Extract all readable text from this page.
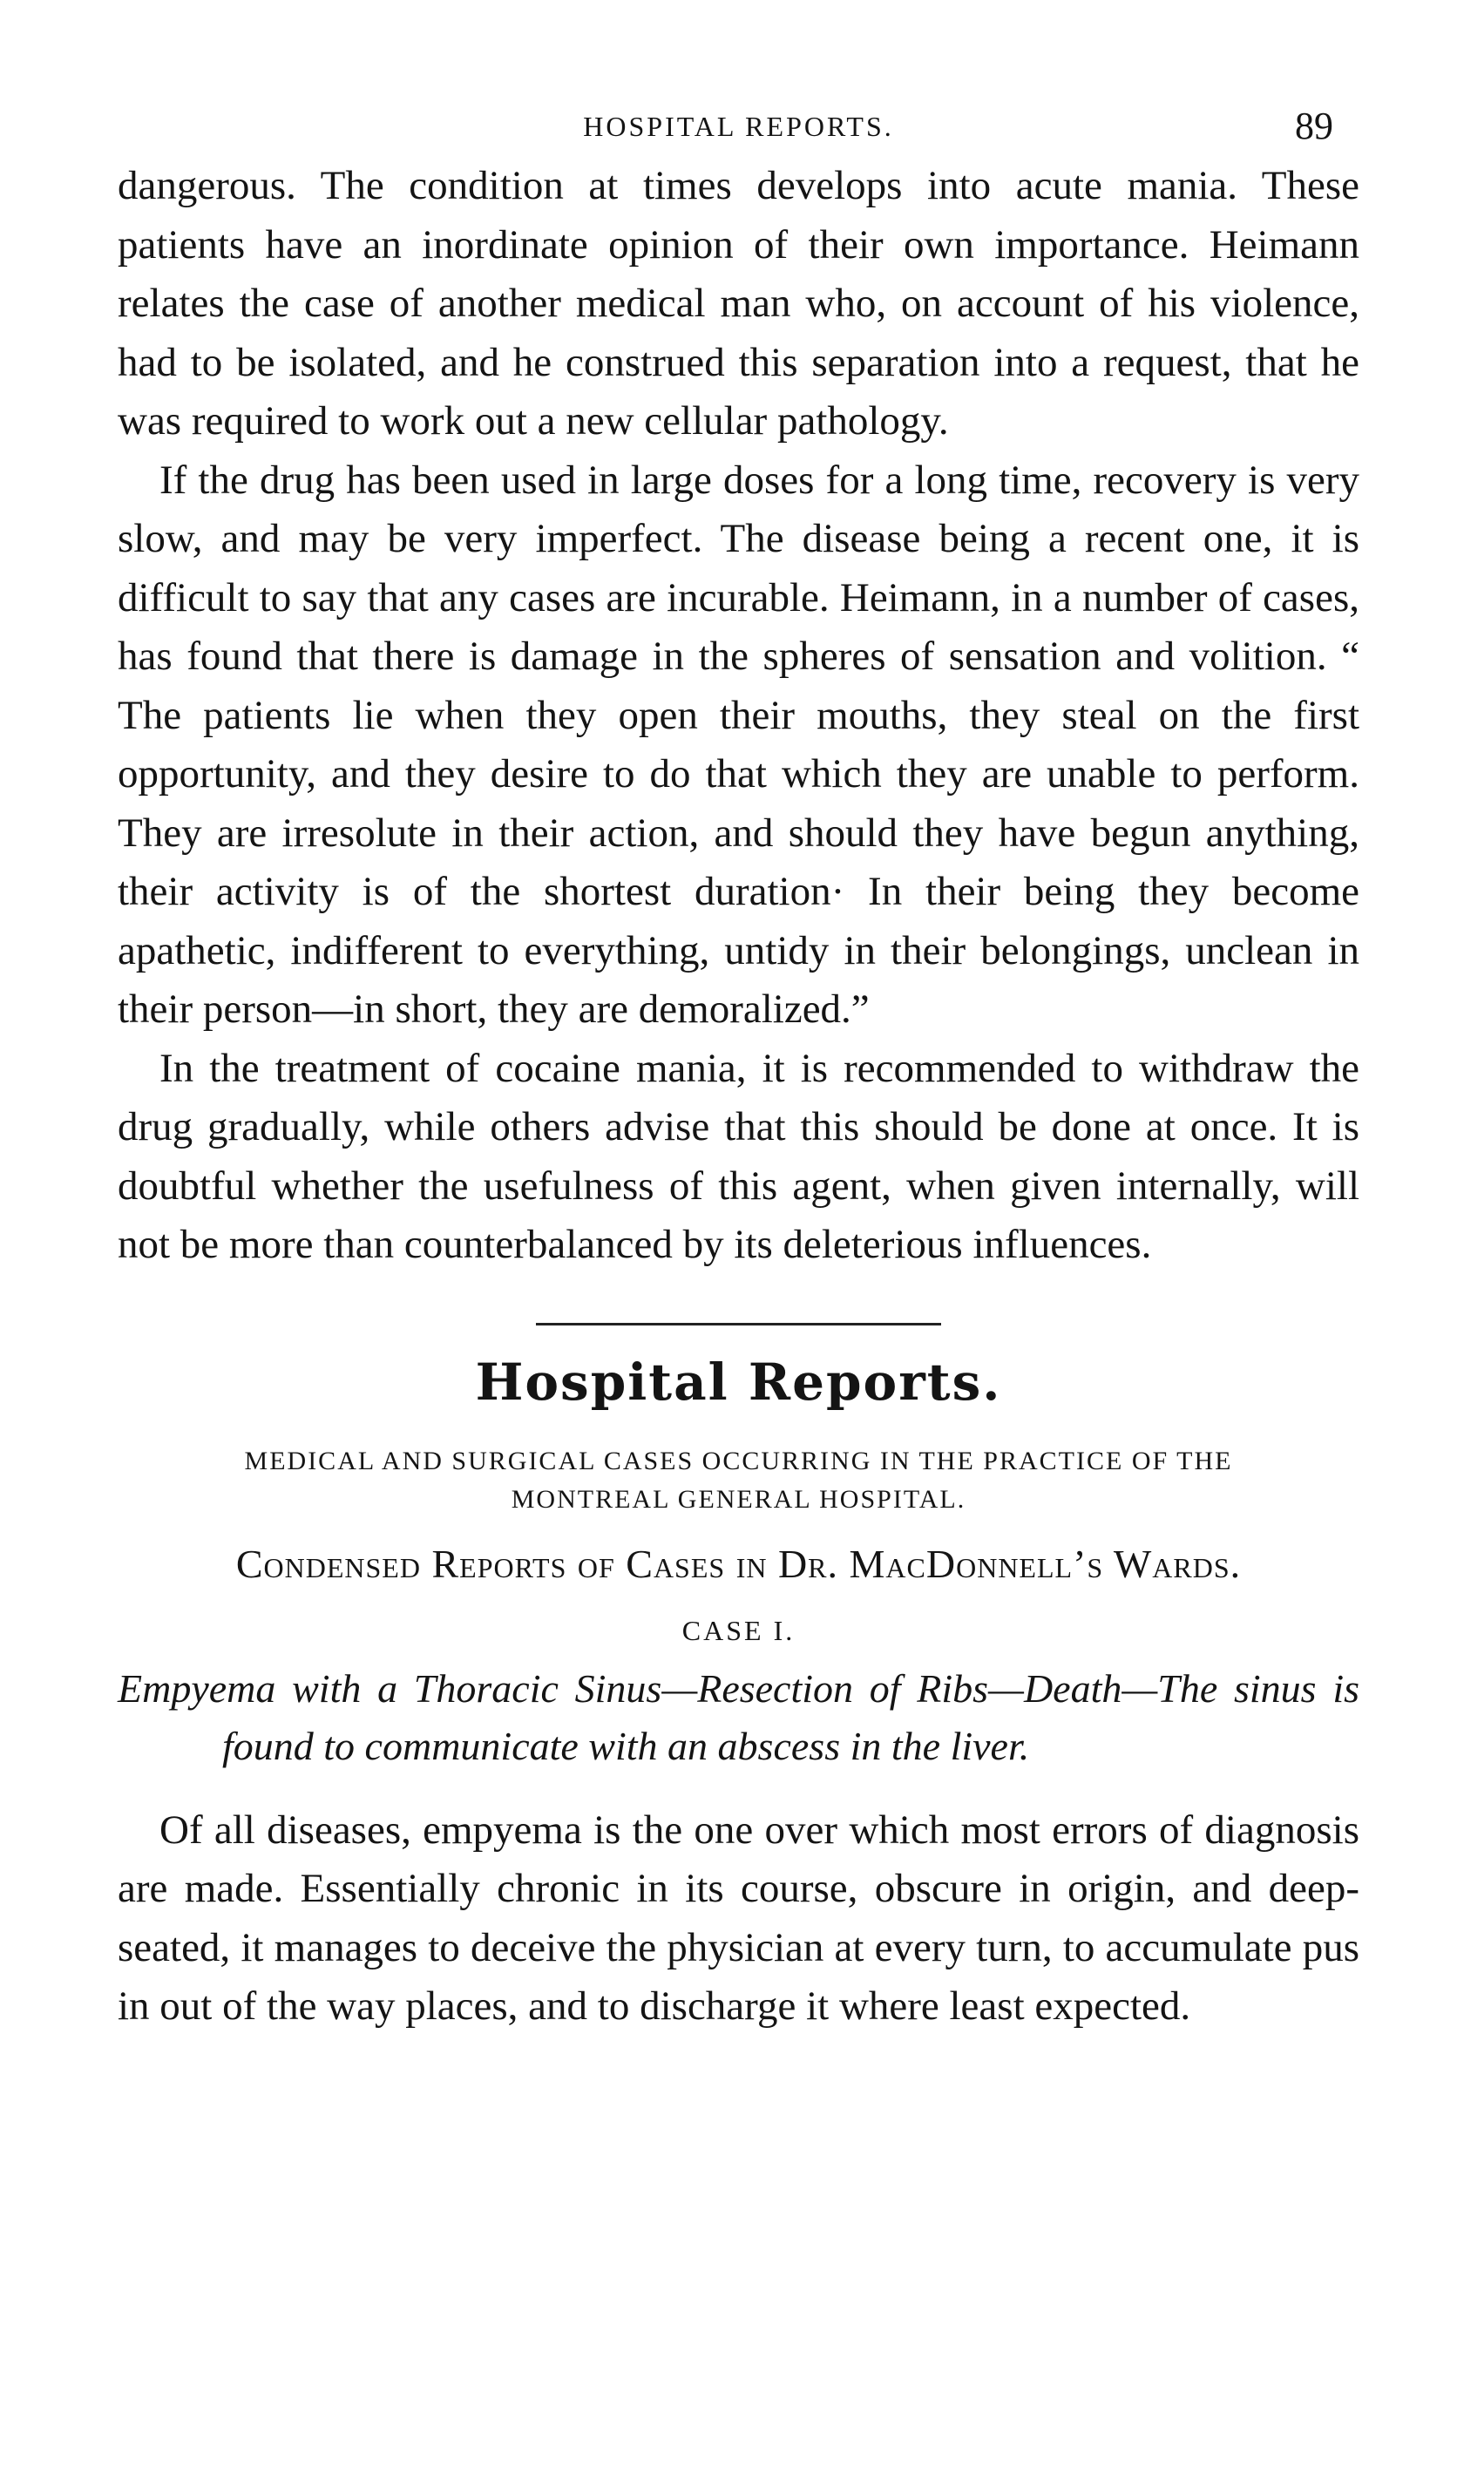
HOSPITAL REPORTS.	89

dangerous. The condition at times develops into acute mania. These patients have an inordinate opinion of their own importance. Heimann relates the case of another medical man who, on account of his violence, had to be isolated, and he construed this separation into a request, that he was required to work out a new cellular pathology.

If the drug has been used in large doses for a long time, recovery is very slow, and may be very imperfect. The disease being a recent one, it is difficult to say that any cases are incurable. Heimann, in a number of cases, has found that there is damage in the spheres of sensation and volition. “ The patients lie when they open their mouths, they steal on the first opportunity, and they desire to do that which they are unable to perform. They are irresolute in their action, and should they have begun anything, their activity is of the shortest duration· In their being they become apathetic, indifferent to everything, untidy in their belongings, unclean in their person—in short, they are demoralized.”

In the treatment of cocaine mania, it is recommended to withdraw the drug gradually, while others advise that this should be done at once. It is doubtful whether the usefulness of this agent, when given internally, will not be more than counterbalanced by its deleterious influences.

Hospital Reports.
MEDICAL AND SURGICAL CASES OCCURRING IN THE PRACTICE OF THE
MONTREAL GENERAL HOSPITAL.
Condensed Reports of Cases in Dr. MacDonnell’s Wards.
CASE I.
Empyema with a Thoracic Sinus—Resection of Ribs—Death—The sinus is found to communicate with an abscess in the liver.

Of all diseases, empyema is the one over which most errors of diagnosis are made. Essentially chronic in its course, obscure in origin, and deep-seated, it manages to deceive the physician at every turn, to accumulate pus in out of the way places, and to discharge it where least expected.
